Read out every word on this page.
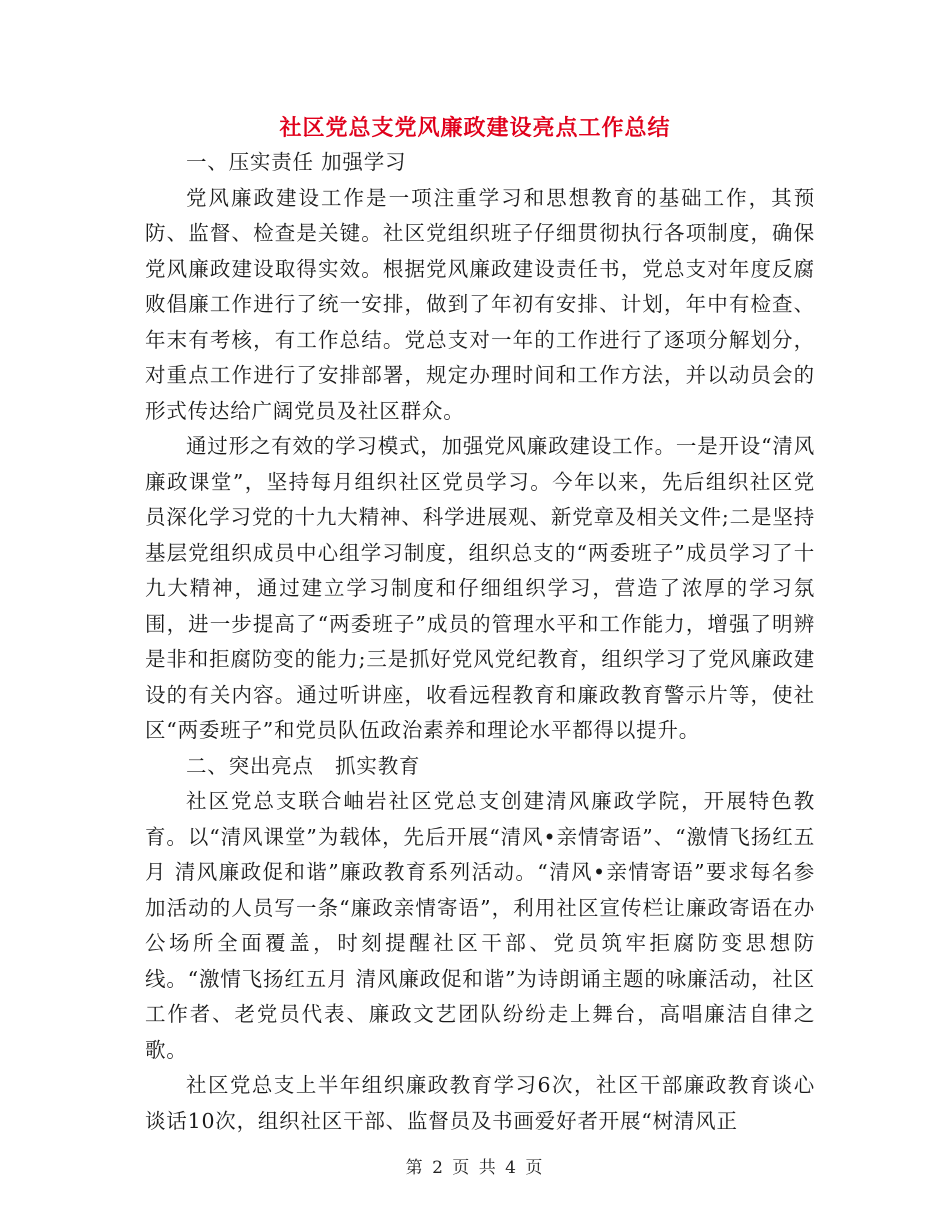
社区党总支党风廉政建设亮点工作总结

一、压实责任 加强学习

党风廉政建设工作是一项注重学习和思想教育的基础工作，其预防、监督、检查是关键。社区党组织班子仔细贯彻执行各项制度，确保党风廉政建设取得实效。根据党风廉政建设责任书，党总支对年度反腐败倡廉工作进行了统一安排，做到了年初有安排、计划，年中有检查、年末有考核，有工作总结。党总支对一年的工作进行了逐项分解划分，对重点工作进行了安排部署，规定办理时间和工作方法，并以动员会的形式传达给广阔党员及社区群众。

通过形之有效的学习模式，加强党风廉政建设工作。一是开设“清风廉政课堂”，坚持每月组织社区党员学习。今年以来，先后组织社区党员深化学习党的十九大精神、科学进展观、新党章及相关文件;二是坚持基层党组织成员中心组学习制度，组织总支的“两委班子”成员学习了十九大精神，通过建立学习制度和仔细组织学习，营造了浓厚的学习氛围，进一步提高了“两委班子”成员的管理水平和工作能力，增强了明辨是非和拒腐防变的能力;三是抓好党风党纪教育，组织学习了党风廉政建设的有关内容。通过听讲座，收看远程教育和廉政教育警示片等，使社区“两委班子”和党员队伍政治素养和理论水平都得以提升。

二、突出亮点　抓实教育

社区党总支联合岫岩社区党总支创建清风廉政学院，开展特色教育。以“清风课堂”为载体，先后开展“清风•亲情寄语”、“激情飞扬红五月 清风廉政促和谐”廉政教育系列活动。“清风•亲情寄语”要求每名参加活动的人员写一条“廉政亲情寄语”，利用社区宣传栏让廉政寄语在办公场所全面覆盖，时刻提醒社区干部、党员筑牢拒腐防变思想防线。“激情飞扬红五月 清风廉政促和谐”为诗朗诵主题的咏廉活动，社区工作者、老党员代表、廉政文艺团队纷纷走上舞台，高唱廉洁自律之歌。

社区党总支上半年组织廉政教育学习6次，社区干部廉政教育谈心谈话10次，组织社区干部、监督员及书画爱好者开展“树清风正

第 2 页 共 4 页
